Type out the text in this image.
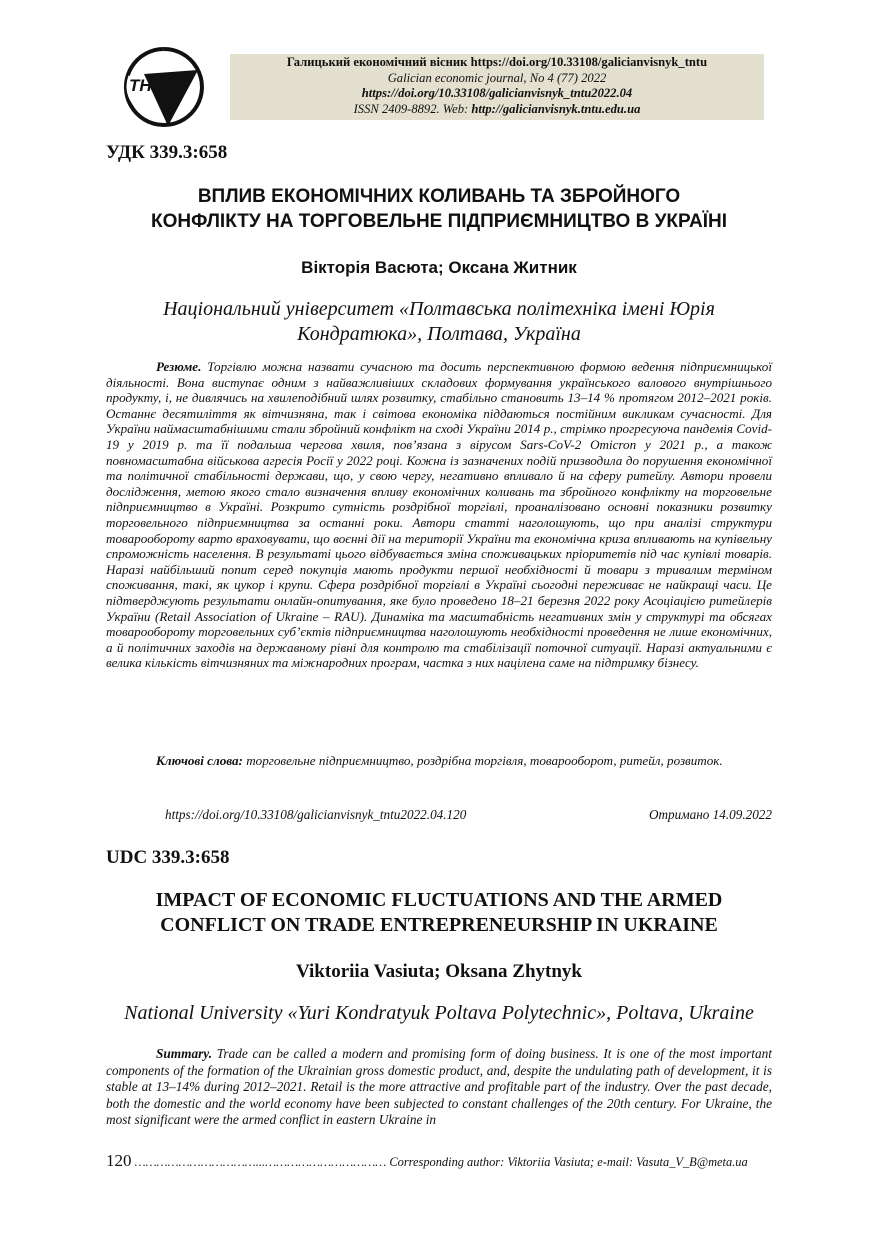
ТНТУ
Галицький економічний вісник https://doi.org/10.33108/galicianvisnyk_tntu
Galician economic journal, No 4 (77) 2022
https://doi.org/10.33108/galicianvisnyk_tntu2022.04
ISSN 2409-8892. Web: http://galicianvisnyk.tntu.edu.ua
УДК 339.3:658
ВПЛИВ ЕКОНОМІЧНИХ КОЛИВАНЬ ТА ЗБРОЙНОГО
КОНФЛІКТУ НА ТОРГОВЕЛЬНЕ ПІДПРИЄМНИЦТВО В УКРАЇНІ
Вікторія Васюта; Оксана Житник
Національний університет «Полтавська політехніка імені Юрія
Кондратюка», Полтава, Україна

Резюме. Торгівлю можна назвати сучасною та досить перспективною формою ведення підприємницької діяльності. Вона виступає одним з найважливіших складових формування українського валового внутрішнього продукту, і, не дивлячись на хвилеподібний шлях розвитку, стабільно становить 13–14 % протягом 2012–2021 років. Останнє десятиліття як вітчизняна, так і світова економіка піддаються постійним викликам сучасності. Для України наймасштабнішими стали збройний конфлікт на сході України 2014 р., стрімко прогресуюча пандемія Covid-19 у 2019 р. та її подальша чергова хвиля, пов’язана з вірусом Sars-CoV-2 Omicron у 2021 р., а також повномасштабна військова агресія Росії у 2022 році. Кожна із зазначених подій призводила до порушення економічної та політичної стабільності держави, що, у свою чергу, негативно впливало й на сферу ритейлу. Автори провели дослідження, метою якого стало визначення впливу економічних коливань та збройного конфлікту на торговельне підприємництво в Україні. Розкрито сутність роздрібної торгівлі, проаналізовано основні показники розвитку торговельного підприємництва за останні роки. Автори статті наголошують, що при аналізі структури товарообороту варто враховувати, що воєнні дії на території України та економічна криза впливають на купівельну спроможність населення. В результаті цього відбувається зміна споживацьких пріоритетів під час купівлі товарів. Наразі найбільший попит серед покупців мають продукти першої необхідності й товари з тривалим терміном споживання, такі, як цукор і крупи. Сфера роздрібної торгівлі в Україні сьогодні переживає не найкращі часи. Це підтверджують результати онлайн-опитування, яке було проведено 18–21 березня 2022 року Асоціацією ритейлерів України (Retail Association of Ukraine – RAU). Динаміка та масштабність негативних змін у структурі та обсягах товарообороту торговельних суб’єктів підприємництва наголошують необхідності проведення не лише економічних, а й політичних заходів на державному рівні для контролю та стабілізації поточної ситуації. Наразі актуальними є велика кількість вітчизняних та міжнародних програм, частка з них націлена саме на підтримку бізнесу.

Ключові слова: торговельне підприємництво, роздрібна торгівля, товарооборот, ритейл, розвиток.

https://doi.org/10.33108/galicianvisnyk_tntu2022.04.120	Отримано 14.09.2022
UDC 339.3:658
IMPACT OF ECONOMIC FLUCTUATIONS AND THE ARMED
CONFLICT ON TRADE ENTREPRENEURSHIP IN UKRAINE
Viktoriia Vasiuta; Oksana Zhytnyk
National University «Yuri Kondratyuk Poltava Polytechnic», Poltava, Ukraine

Summary. Trade can be called a modern and promising form of doing business. It is one of the most important components of the formation of the Ukrainian gross domestic product, and, despite the undulating path of development, it is stable at 13–14% during 2012–2021. Retail is the more attractive and profitable part of the industry. Over the past decade, both the domestic and the world economy have been subjected to constant challenges of the 20th century. For Ukraine, the most significant were the armed conflict in eastern Ukraine in

120 ……………………………...…………………………… Corresponding author: Viktoriia Vasiuta; e-mail: Vasuta_V_B@meta.ua
